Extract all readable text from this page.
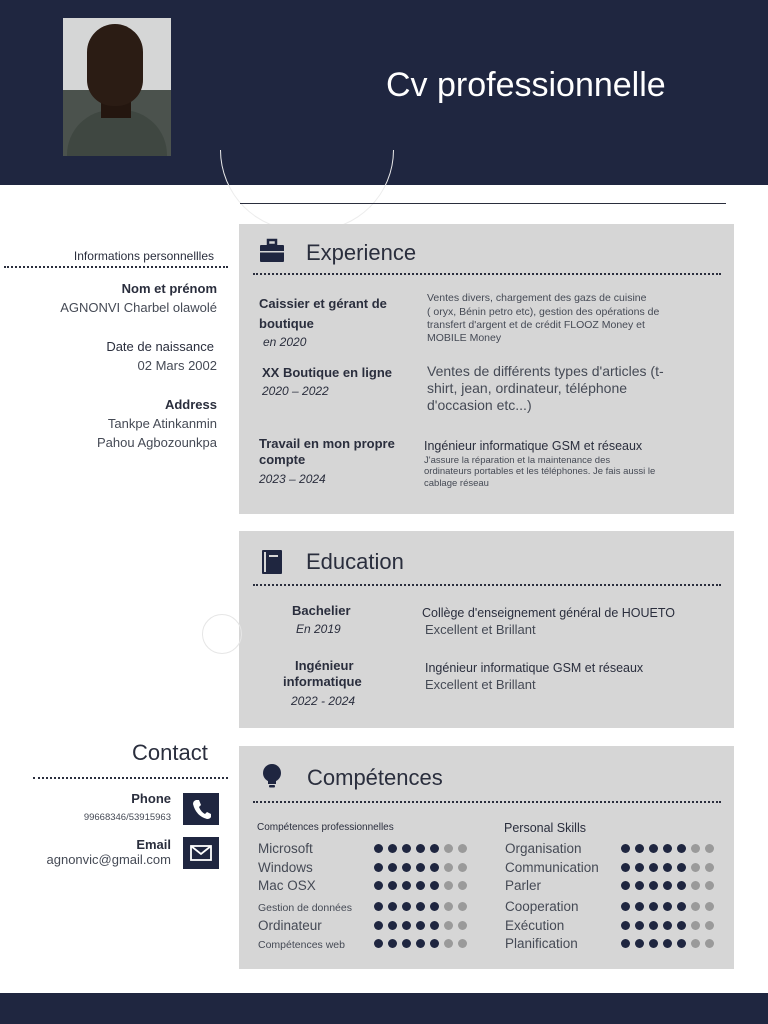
Cv professionnelle
Informations personnellles
Nom et prénom
AGNONVI Charbel olawolé
Date de naissance
02 Mars 2002
Address
Tankpe Atinkanmin
Pahou Agbozounkpa
Experience
Caissier et gérant de
boutique
en 2020
Ventes divers, chargement des gazs de cuisine
( oryx, Bénin petro etc), gestion des opérations de
transfert d'argent et de crédit FLOOZ Money et
MOBILE Money
XX Boutique en ligne
2020 – 2022
Ventes de différents types d'articles (t-
shirt, jean, ordinateur, téléphone
d'occasion etc...)
Travail en mon propre
compte
2023 – 2024
Ingénieur informatique GSM et réseaux
J'assure la réparation et la maintenance des
ordinateurs portables et les téléphones. Je fais aussi le
cablage réseau
Education
Bachelier
En 2019
Collège d'enseignement général de HOUETO
Excellent et Brillant
Ingénieur
informatique
2022 - 2024
Ingénieur informatique GSM et réseaux
Excellent et Brillant
Contact
Phone
99668346/53915963
Email
agnonvic@gmail.com
Compétences
Compétences professionnelles	Personal Skills
Microsoft
Windows
Mac OSX
Gestion de données
Ordinateur
Compétences web
Organisation
Communication
Parler
Cooperation
Exécution
Planification
